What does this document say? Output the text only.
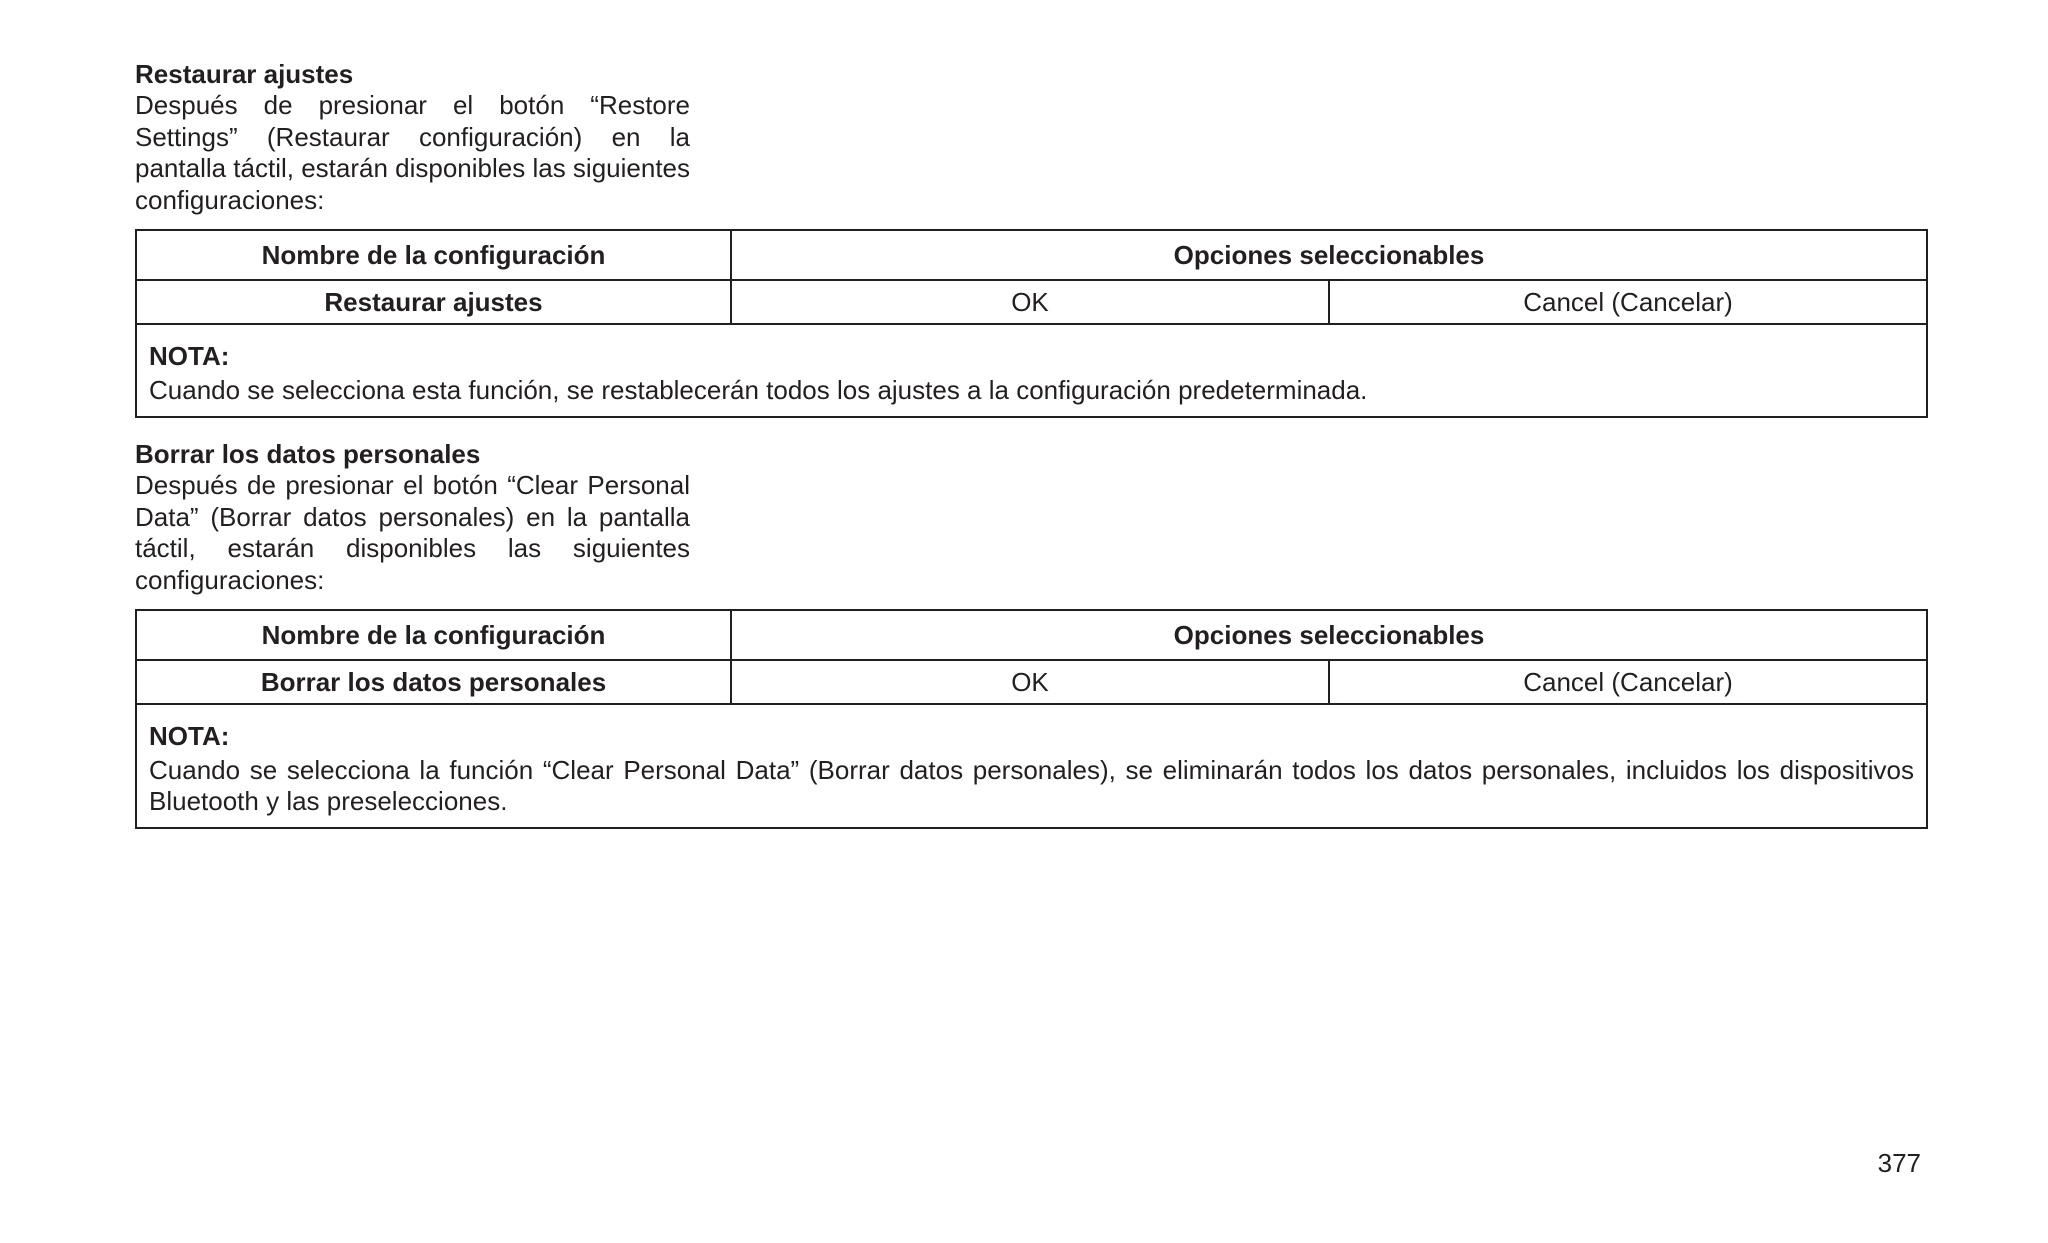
Restaurar ajustes

Después de presionar el botón “Restore Settings” (Restaurar configuración) en la pantalla táctil, estarán disponibles las siguientes configuraciones:

Nombre de la configuración	Opciones seleccionables	
Restaurar ajustes	OK	Cancel (Cancelar)

NOTA:
Cuando se selecciona esta función, se restablecerán todos los ajustes a la configuración predeterminada.		
Borrar los datos personales

Después de presionar el botón “Clear Personal Data” (Borrar datos personales) en la pantalla táctil, estarán disponibles las siguientes configuraciones:

Nombre de la configuración	Opciones seleccionables	
Borrar los datos personales	OK	Cancel (Cancelar)

NOTA:
Cuando se selecciona la función “Clear Personal Data” (Borrar datos personales), se eliminarán todos los datos personales, incluidos los dispositivos Bluetooth y las preselecciones.		
377
